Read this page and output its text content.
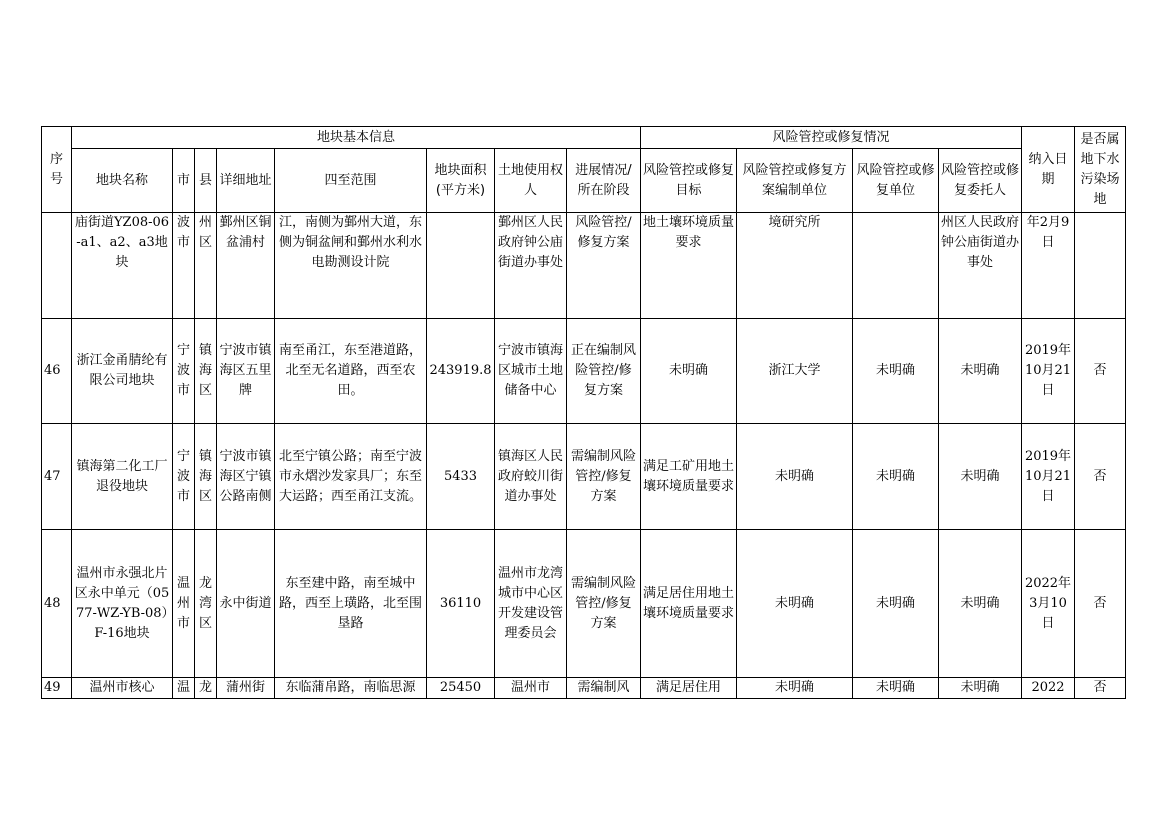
序号	地块基本信息								风险管控或修复情况				纳入日期	是否属地下水污染场地
	地块名称	市	县	详细地址	四至范围	地块面积(平方米)	土地使用权人	进展情况/所在阶段	风险管控或修复目标	风险管控或修复方案编制单位	风险管控或修复单位	风险管控或修复委托人		
	庙街道YZ08-06-a1、a2、a3地块	波市	州区	鄞州区铜盆浦村	江，南侧为鄞州大道，东侧为铜盆闸和鄞州水利水电勘测设计院		鄞州区人民政府钟公庙街道办事处	风险管控/修复方案	地土壤环境质量要求	境研究所		州区人民政府钟公庙街道办事处	年2月9日	
46	浙江金甬腈纶有限公司地块	宁波市	镇海区	宁波市镇海区五里牌	南至甬江，东至港道路，北至无名道路，西至农田。	243919.8	宁波市镇海区城市土地储备中心	正在编制风险管控/修复方案	未明确	浙江大学	未明确	未明确	2019年10月21日	否
47	镇海第二化工厂退役地块	宁波市	镇海区	宁波市镇海区宁镇公路南侧	北至宁镇公路；南至宁波市永熠沙发家具厂；东至大运路；西至甬江支流。	5433	镇海区人民政府蛟川街道办事处	需编制风险管控/修复方案	满足工矿用地土壤环境质量要求	未明确	未明确	未明确	2019年10月21日	否
48	温州市永强北片区永中单元（0577-WZ-YB-08）F-16地块	温州市	龙湾区	永中街道	东至建中路，南至城中路，西至上璜路，北至围垦路	36110	温州市龙湾城市中心区开发建设管理委员会	需编制风险管控/修复方案	满足居住用地土壤环境质量要求	未明确	未明确	未明确	2022年3月10日	否
49	温州市核心	温	龙	蒲州街	东临蒲帛路，南临思源	25450	温州市	需编制风	满足居住用	未明确	未明确	未明确	2022	否
